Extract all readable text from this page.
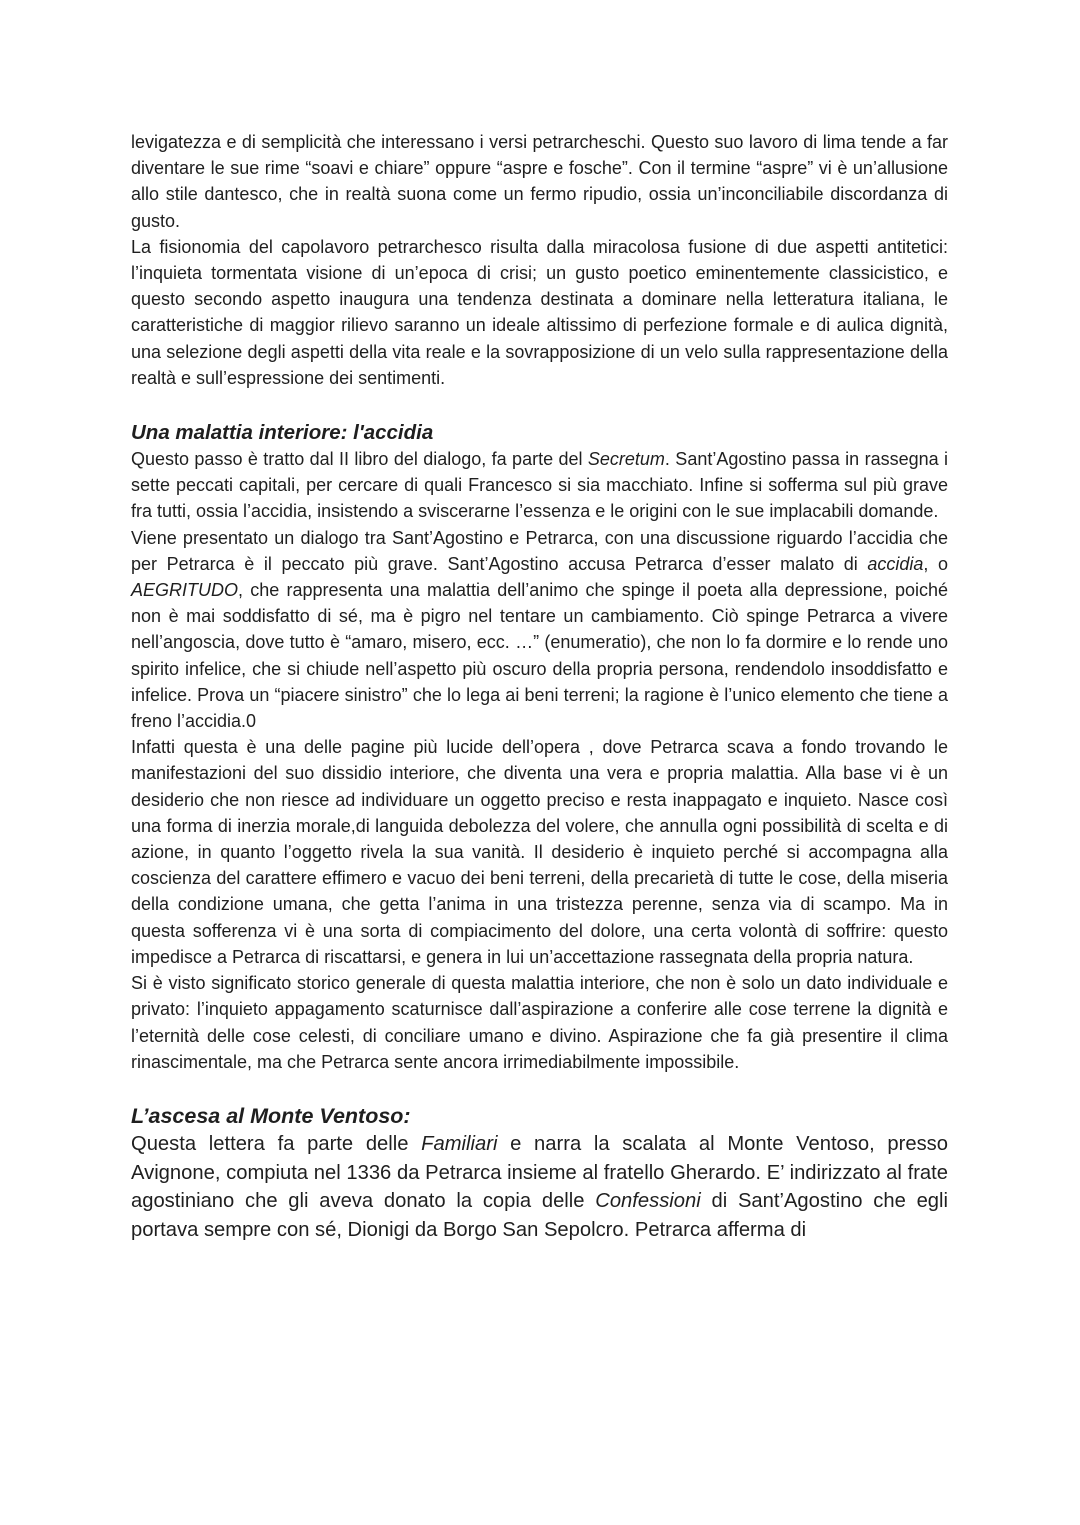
levigatezza e di semplicità che interessano i versi petrarcheschi. Questo suo lavoro di lima tende a far diventare le sue rime “soavi e chiare” oppure “aspre e fosche”. Con il termine “aspre” vi è un’allusione allo stile dantesco, che in realtà suona come un fermo ripudio, ossia un’inconciliabile discordanza di gusto.

La fisionomia del capolavoro petrarchesco risulta dalla miracolosa fusione di due aspetti antitetici: l’inquieta tormentata visione di un’epoca di crisi; un gusto poetico eminentemente classicistico, e questo secondo aspetto inaugura una tendenza destinata a dominare nella letteratura italiana, le caratteristiche di maggior rilievo saranno un ideale altissimo di perfezione formale e di aulica dignità, una selezione degli aspetti della vita reale e la sovrapposizione di un velo sulla rappresentazione della realtà e sull’espressione dei sentimenti.

Una malattia interiore: l'accidia

Questo passo è tratto dal II libro del dialogo, fa parte del Secretum. Sant’Agostino passa in rassegna i sette peccati capitali, per cercare di quali Francesco si sia macchiato. Infine si sofferma sul più grave fra tutti, ossia l’accidia, insistendo a sviscerarne l’essenza e le origini con le sue implacabili domande.

Viene presentato un dialogo tra Sant’Agostino e Petrarca, con una discussione riguardo l’accidia che per Petrarca è il peccato più grave. Sant’Agostino accusa Petrarca d’esser malato di accidia, o AEGRITUDO, che rappresenta una malattia dell’animo che spinge il poeta alla depressione, poiché non è mai soddisfatto di sé, ma è pigro nel tentare un cambiamento. Ciò spinge Petrarca a vivere nell’angoscia, dove tutto è “amaro, misero, ecc. …” (enumeratio), che non lo fa dormire e lo rende uno spirito infelice, che si chiude nell’aspetto più oscuro della propria persona, rendendolo insoddisfatto e infelice. Prova un “piacere sinistro” che lo lega ai beni terreni; la ragione è l’unico elemento che tiene a freno l’accidia.0

Infatti questa è una delle pagine più lucide dell’opera , dove Petrarca scava a fondo trovando le manifestazioni del suo dissidio interiore, che diventa una vera e propria malattia. Alla base vi è un desiderio che non riesce ad individuare un oggetto preciso e resta inappagato e inquieto. Nasce così una forma di inerzia morale,di languida debolezza del volere, che annulla ogni possibilità di scelta e di azione, in quanto l’oggetto rivela la sua vanità. Il desiderio è inquieto perché si accompagna alla coscienza del carattere effimero e vacuo dei beni terreni, della precarietà di tutte le cose, della miseria della condizione umana, che getta l’anima in una tristezza perenne, senza via di scampo. Ma in questa sofferenza vi è una sorta di compiacimento del dolore, una certa volontà di soffrire: questo impedisce a Petrarca di riscattarsi, e genera in lui un’accettazione rassegnata della propria natura.

Si è visto significato storico generale di questa malattia interiore, che non è solo un dato individuale e privato: l’inquieto appagamento scaturnisce dall’aspirazione a conferire alle cose terrene la dignità e l’eternità delle cose celesti, di conciliare umano e divino. Aspirazione che fa già presentire il clima rinascimentale, ma che Petrarca sente ancora irrimediabilmente impossibile.

L’ascesa al Monte Ventoso:

Questa lettera fa parte delle Familiari e narra la scalata al Monte Ventoso, presso Avignone, compiuta nel 1336 da Petrarca insieme al fratello Gherardo. E’ indirizzato al frate agostiniano che gli aveva donato la copia delle Confessioni di Sant’Agostino che egli portava sempre con sé, Dionigi da Borgo San Sepolcro. Petrarca afferma di
